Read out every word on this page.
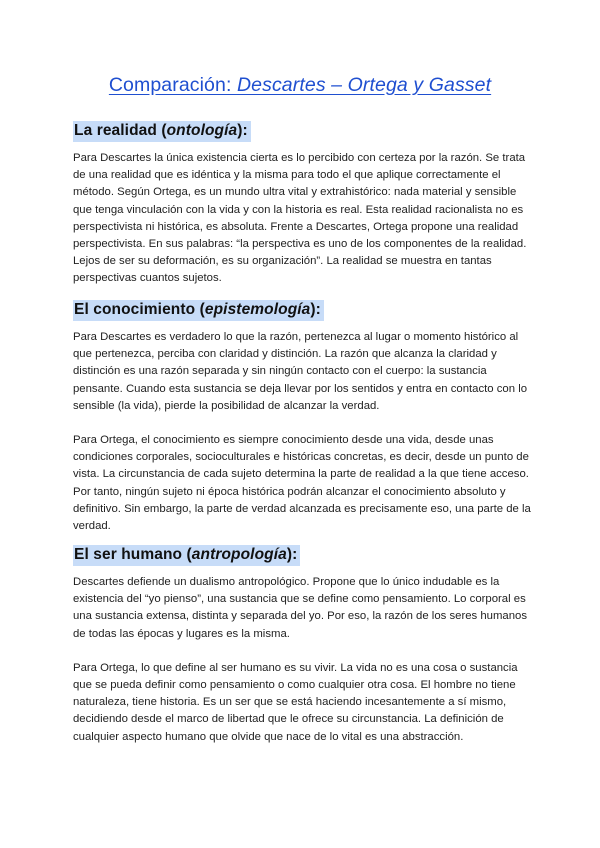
Comparación: Descartes – Ortega y Gasset
La realidad (ontología):

Para Descartes la única existencia cierta es lo percibido con certeza por la razón. Se trata de una realidad que es idéntica y la misma para todo el que aplique correctamente el método. Según Ortega, es un mundo ultra vital y extrahistórico: nada material y sensible que tenga vinculación con la vida y con la historia es real. Esta realidad racionalista no es perspectivista ni histórica, es absoluta. Frente a Descartes, Ortega propone una realidad perspectivista. En sus palabras: “la perspectiva es uno de los componentes de la realidad. Lejos de ser su deformación, es su organización”. La realidad se muestra en tantas perspectivas cuantos sujetos.

El conocimiento (epistemología):

Para Descartes es verdadero lo que la razón, pertenezca al lugar o momento histórico al que pertenezca, perciba con claridad y distinción. La razón que alcanza la claridad y distinción es una razón separada y sin ningún contacto con el cuerpo: la sustancia pensante. Cuando esta sustancia se deja llevar por los sentidos y entra en contacto con lo sensible (la vida), pierde la posibilidad de alcanzar la verdad.

Para Ortega, el conocimiento es siempre conocimiento desde una vida, desde unas condiciones corporales, socioculturales e históricas concretas, es decir, desde un punto de vista. La circunstancia de cada sujeto determina la parte de realidad a la que tiene acceso. Por tanto, ningún sujeto ni época histórica podrán alcanzar el conocimiento absoluto y definitivo. Sin embargo, la parte de verdad alcanzada es precisamente eso, una parte de la verdad.

El ser humano (antropología):

Descartes defiende un dualismo antropológico. Propone que lo único indudable es la existencia del “yo pienso”, una sustancia que se define como pensamiento. Lo corporal es una sustancia extensa, distinta y separada del yo. Por eso, la razón de los seres humanos de todas las épocas y lugares es la misma.

Para Ortega, lo que define al ser humano es su vivir. La vida no es una cosa o sustancia que se pueda definir como pensamiento o como cualquier otra cosa. El hombre no tiene naturaleza, tiene historia. Es un ser que se está haciendo incesantemente a sí mismo, decidiendo desde el marco de libertad que le ofrece su circunstancia. La definición de cualquier aspecto humano que olvide que nace de lo vital es una abstracción.
